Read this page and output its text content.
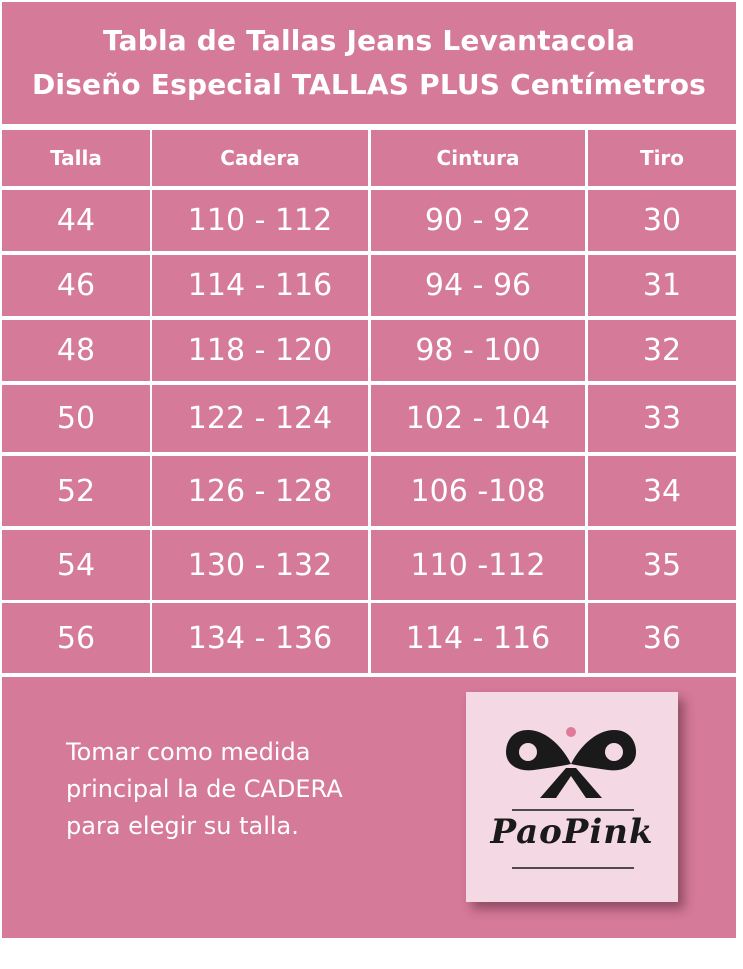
Tabla de Tallas Jeans Levantacola
Diseño Especial TALLAS PLUS Centímetros
Talla	Cadera	Cintura	Tiro
44	110 - 112	90 - 92	30
46	114 - 116	94 - 96	31
48	118 - 120	98 - 100	32
50	122 - 124	102 - 104	33
52	126 - 128	106 -108	34
54	130 - 132	110 -112	35
56	134 - 136	114 - 116	36
Tomar como medida
principal la de CADERA
para elegir su talla.	PaoPink
